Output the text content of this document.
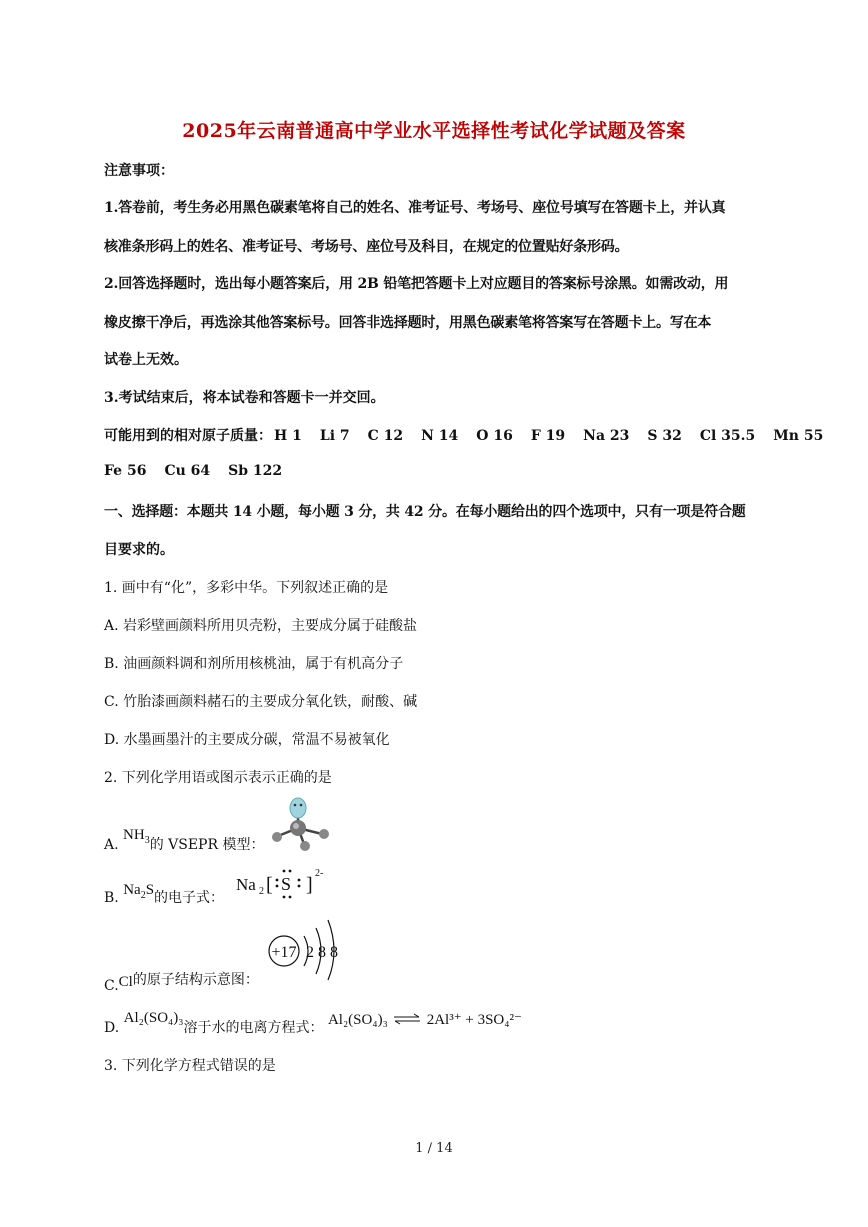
2025年云南普通高中学业水平选择性考试化学试题及答案
注意事项：
1.答卷前，考生务必用黑色碳素笔将自己的姓名、准考证号、考场号、座位号填写在答题卡上，并认真
核准条形码上的姓名、准考证号、考场号、座位号及科目，在规定的位置贴好条形码。
2.回答选择题时，选出每小题答案后，用 2B 铅笔把答题卡上对应题目的答案标号涂黑。如需改动，用
橡皮擦干净后，再选涂其他答案标号。回答非选择题时，用黑色碳素笔将答案写在答题卡上。写在本
试卷上无效。
3.考试结束后，将本试卷和答题卡一并交回。
可能用到的相对原子质量： H 1 Li 7 C 12 N 14 O 16 F 19 Na 23 S 32 Cl 35.5 Mn 55
Fe 56 Cu 64 Sb 122
一、选择题：本题共 14 小题，每小题 3 分，共 42 分。在每小题给出的四个选项中，只有一项是符合题
目要求的。
1. 画中有“化”，多彩中华。下列叙述正确的是
A. 岩彩壁画颜料所用贝壳粉，主要成分属于硅酸盐
B. 油画颜料调和剂所用核桃油，属于有机高分子
C. 竹胎漆画颜料赭石的主要成分氧化铁，耐酸、碱
D. 水墨画墨汁的主要成分碳，常温不易被氧化
2. 下列化学用语或图示表示正确的是
A. $NH_3$的 VSEPR 模型：
B. $Na_2S$的电子式：
Na 2 [ S ]
2-
+17 2 8 8
C.Cl的原子结构示意图：
D. Al₂(SO₄)₃溶于水的电离方程式： Al₂(SO₄)₃ ⇌ 2Al³⁺ + 3SO₄²⁻
3. 下列化学方程式错误的是
1 / 14
